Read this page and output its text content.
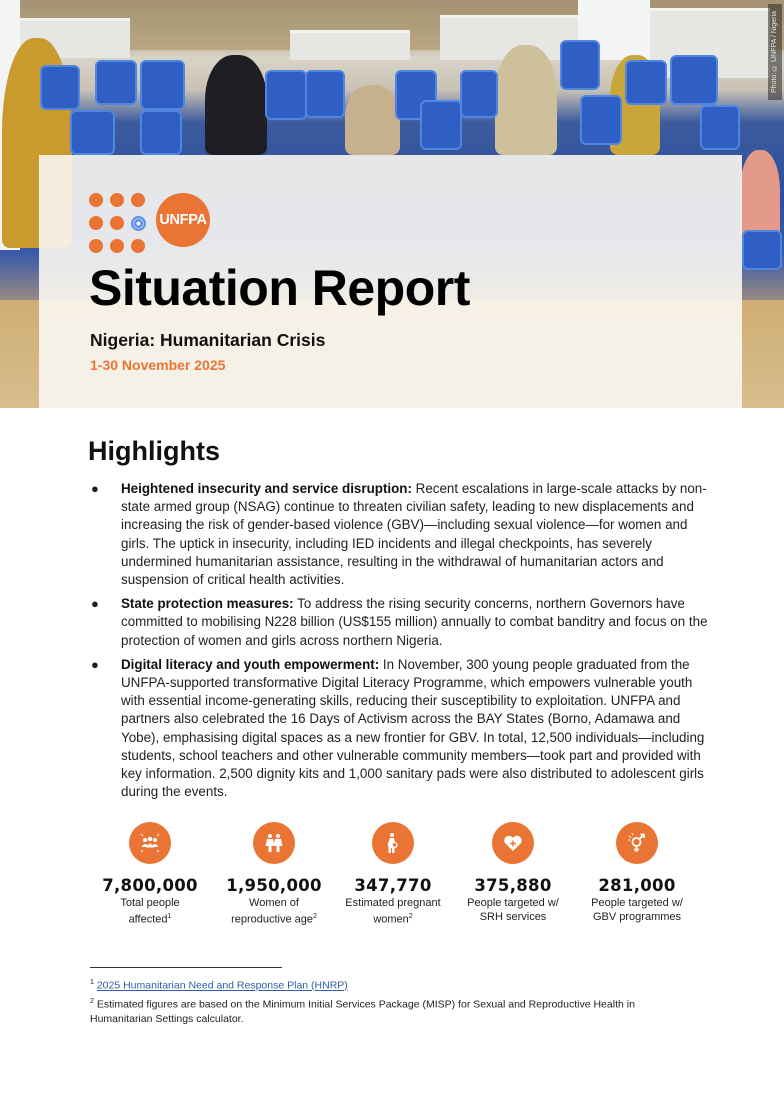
Photo: © UNFPA / Nigeria
UNFPA
Situation Report
Nigeria: Humanitarian Crisis
1-30 November 2025
Highlights
● Heightened insecurity and service disruption: Recent escalations in large-scale attacks by non-state armed group (NSAG) continue to threaten civilian safety, leading to new displacements and increasing the risk of gender-based violence (GBV)—including sexual violence—for women and girls. The uptick in insecurity, including IED incidents and illegal checkpoints, has severely undermined humanitarian assistance, resulting in the withdrawal of humanitarian actors and suspension of critical health activities.
● State protection measures: To address the rising security concerns, northern Governors have committed to mobilising N228 billion (US$155 million) annually to combat banditry and focus on the protection of women and girls across northern Nigeria.
● Digital literacy and youth empowerment: In November, 300 young people graduated from the UNFPA-supported transformative Digital Literacy Programme, which empowers vulnerable youth with essential income-generating skills, reducing their susceptibility to exploitation. UNFPA and partners also celebrated the 16 Days of Activism across the BAY States (Borno, Adamawa and Yobe), emphasising digital spaces as a new frontier for GBV. In total, 12,500 individuals—including students, school teachers and other vulnerable community members—took part and provided with key information. 2,500 dignity kits and 1,000 sanitary pads were also distributed to adolescent girls during the events.
7,800,000
Total people
affected$^1$
1,950,000
Women of
reproductive age$^2$
347,770
Estimated pregnant
women$^2$
375,880
People targeted w/
SRH services
281,000
People targeted w/
GBV programmes
$^1$ 2025 Humanitarian Need and Response Plan (HNRP)
$^2$ Estimated figures are based on the Minimum Initial Services Package (MISP) for Sexual and Reproductive Health in Humanitarian Settings calculator.
